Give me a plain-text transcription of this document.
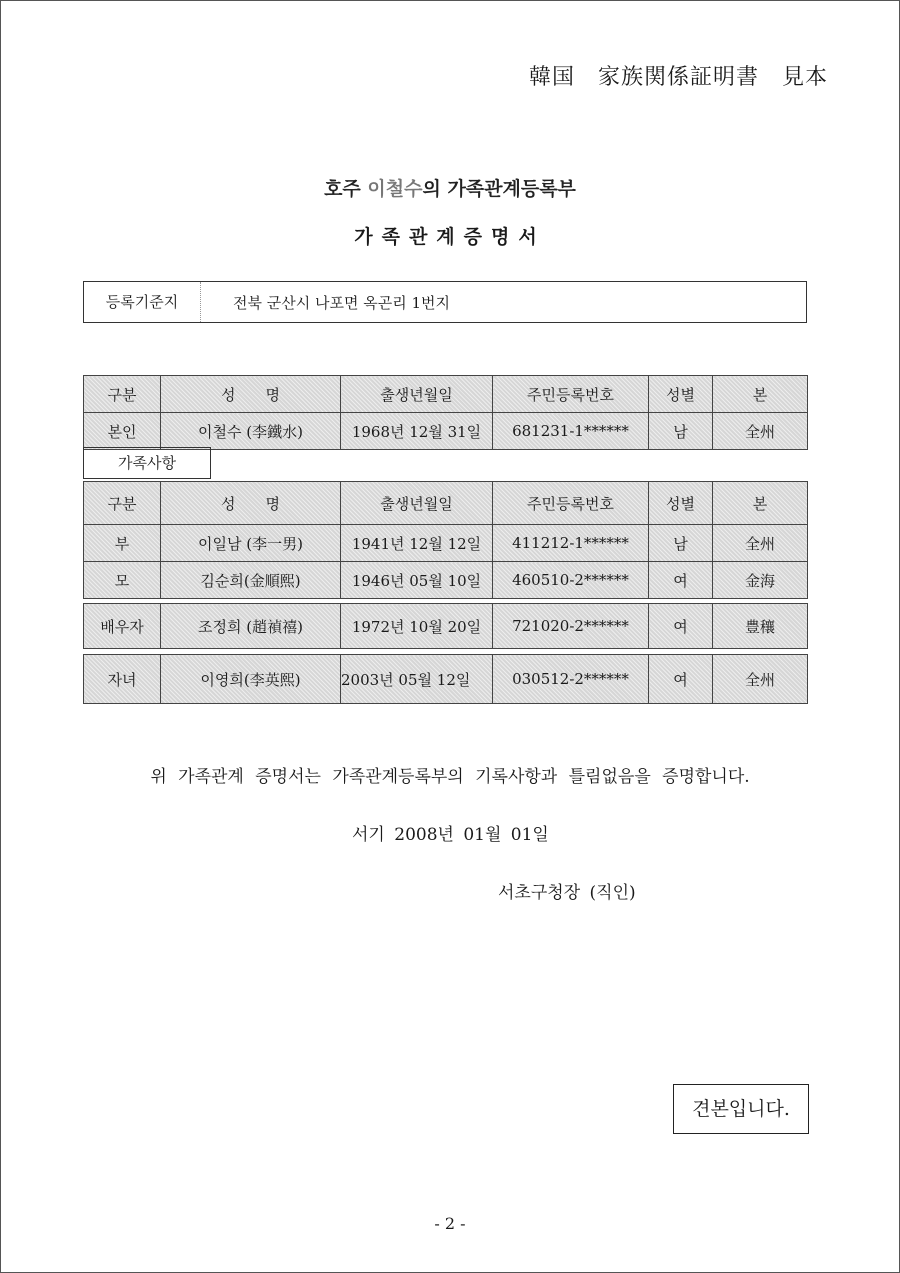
韓国　家族関係証明書　見本
호주 이철수의 가족관계등록부
가족관계증명서
등록기준지	전북 군산시 나포면 옥곤리 1번지
구분	성　　명	출생년월일	주민등록번호	성별	본
본인	이철수 (李鐵水)	1968년 12월 31일	681231-1******	남	全州
가족사항
구분	성　　명	출생년월일	주민등록번호	성별	본
부	이일남 (李一男)	1941년 12월 12일	411212-1******	남	全州
모	김순희(金順熙)	1946년 05월 10일	460510-2******	여	金海
배우자	조정희 (趙禎禧)	1972년 10월 20일	721020-2******	여	豊穰
자녀	이영희(李英熙)	2003년 05월 12일	030512-2******	여	全州
위 가족관계 증명서는 가족관계등록부의 기록사항과 틀림없음을 증명합니다.
서기 2008년 01월 01일
서초구청장 (직인)
견본입니다.
- 2 -
